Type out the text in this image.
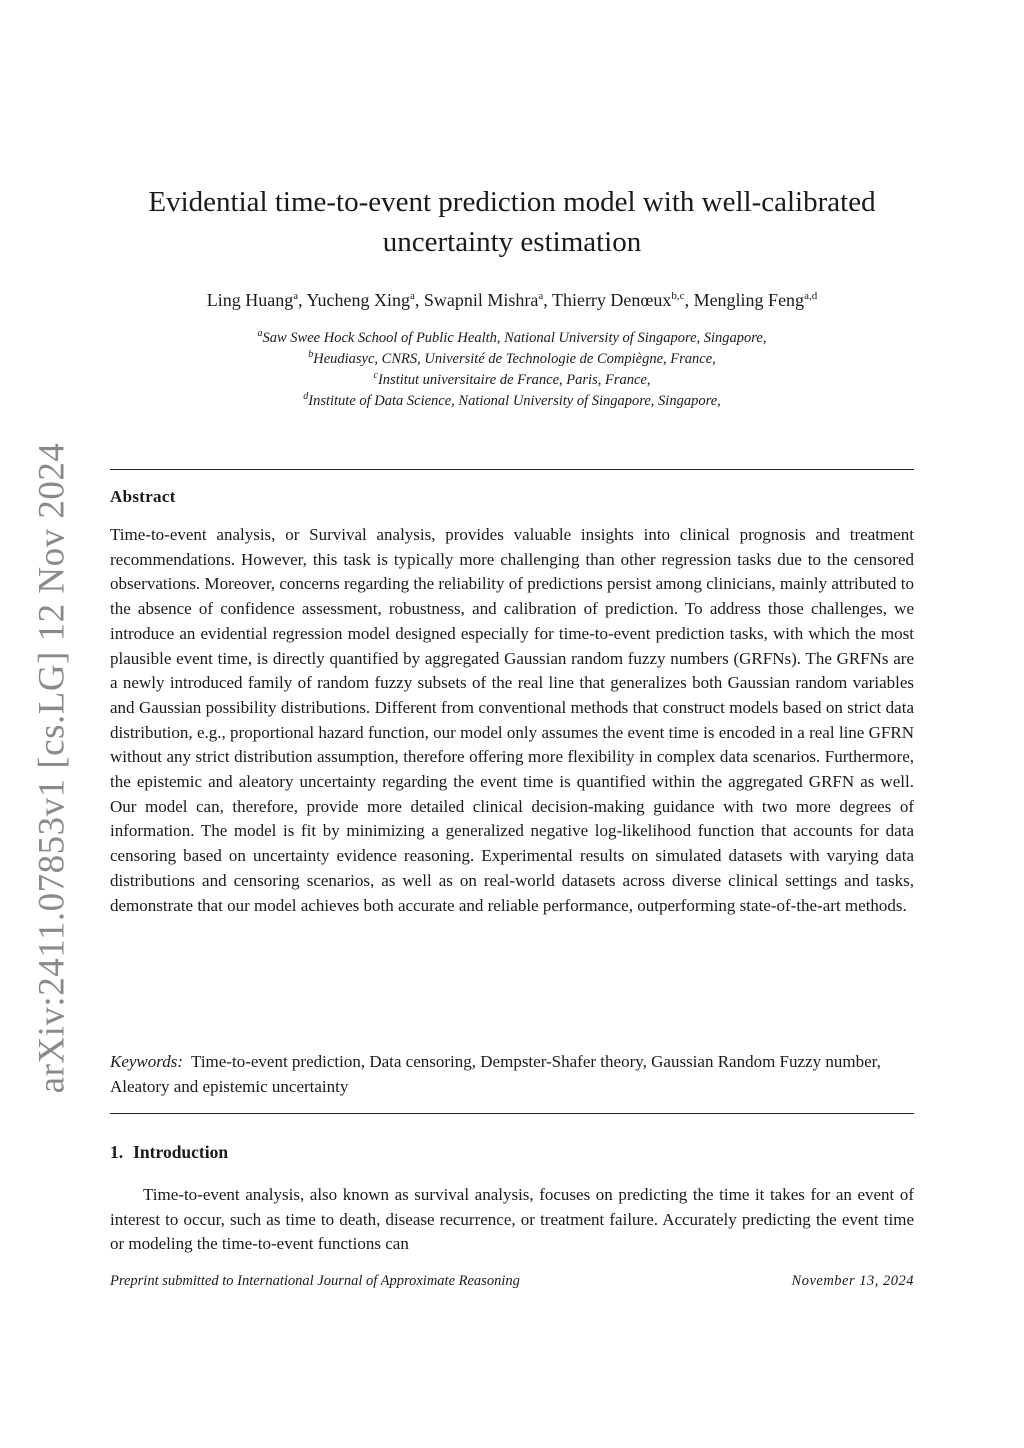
arXiv:2411.07853v1 [cs.LG] 12 Nov 2024
Evidential time-to-event prediction model with well-calibrated
uncertainty estimation
Ling Huang$^a$, Yucheng Xing$^a$, Swapnil Mishra$^a$, Thierry Denœux$^{b,c}$, Mengling Feng$^{a,d}$
$^a$Saw Swee Hock School of Public Health, National University of Singapore, Singapore,
$^b$Heudiasyc, CNRS, Université de Technologie de Compiègne, France,
$^c$Institut universitaire de France, Paris, France,
$^d$Institute of Data Science, National University of Singapore, Singapore,
Abstract
Time-to-event analysis, or Survival analysis, provides valuable insights into clinical prognosis and treatment recommendations. However, this task is typically more challenging than other regression tasks due to the censored observations. Moreover, concerns regarding the reliability of predictions persist among clinicians, mainly attributed to the absence of confidence assessment, robustness, and calibration of prediction. To address those challenges, we introduce an evidential regression model designed especially for time-to-event prediction tasks, with which the most plausible event time, is directly quantified by aggregated Gaussian random fuzzy numbers (GRFNs). The GRFNs are a newly introduced family of random fuzzy subsets of the real line that generalizes both Gaussian random variables and Gaussian possibility distributions. Different from conventional methods that construct models based on strict data distribution, e.g., proportional hazard function, our model only assumes the event time is encoded in a real line GFRN without any strict distribution assumption, therefore offering more flexibility in complex data scenarios. Furthermore, the epistemic and aleatory uncertainty regarding the event time is quantified within the aggregated GRFN as well. Our model can, therefore, provide more detailed clinical decision-making guidance with two more degrees of information. The model is fit by minimizing a generalized negative log-likelihood function that accounts for data censoring based on uncertainty evidence reasoning. Experimental results on simulated datasets with varying data distributions and censoring scenarios, as well as on real-world datasets across diverse clinical settings and tasks, demonstrate that our model achieves both accurate and reliable performance, outperforming state-of-the-art methods.
Keywords: Time-to-event prediction, Data censoring, Dempster-Shafer theory, Gaussian Random Fuzzy number, Aleatory and epistemic uncertainty
1. Introduction
Time-to-event analysis, also known as survival analysis, focuses on predicting the time it takes for an event of interest to occur, such as time to death, disease recurrence, or treatment failure. Accurately predicting the event time or modeling the time-to-event functions can
Preprint submitted to International Journal of Approximate Reasoning	November 13, 2024
